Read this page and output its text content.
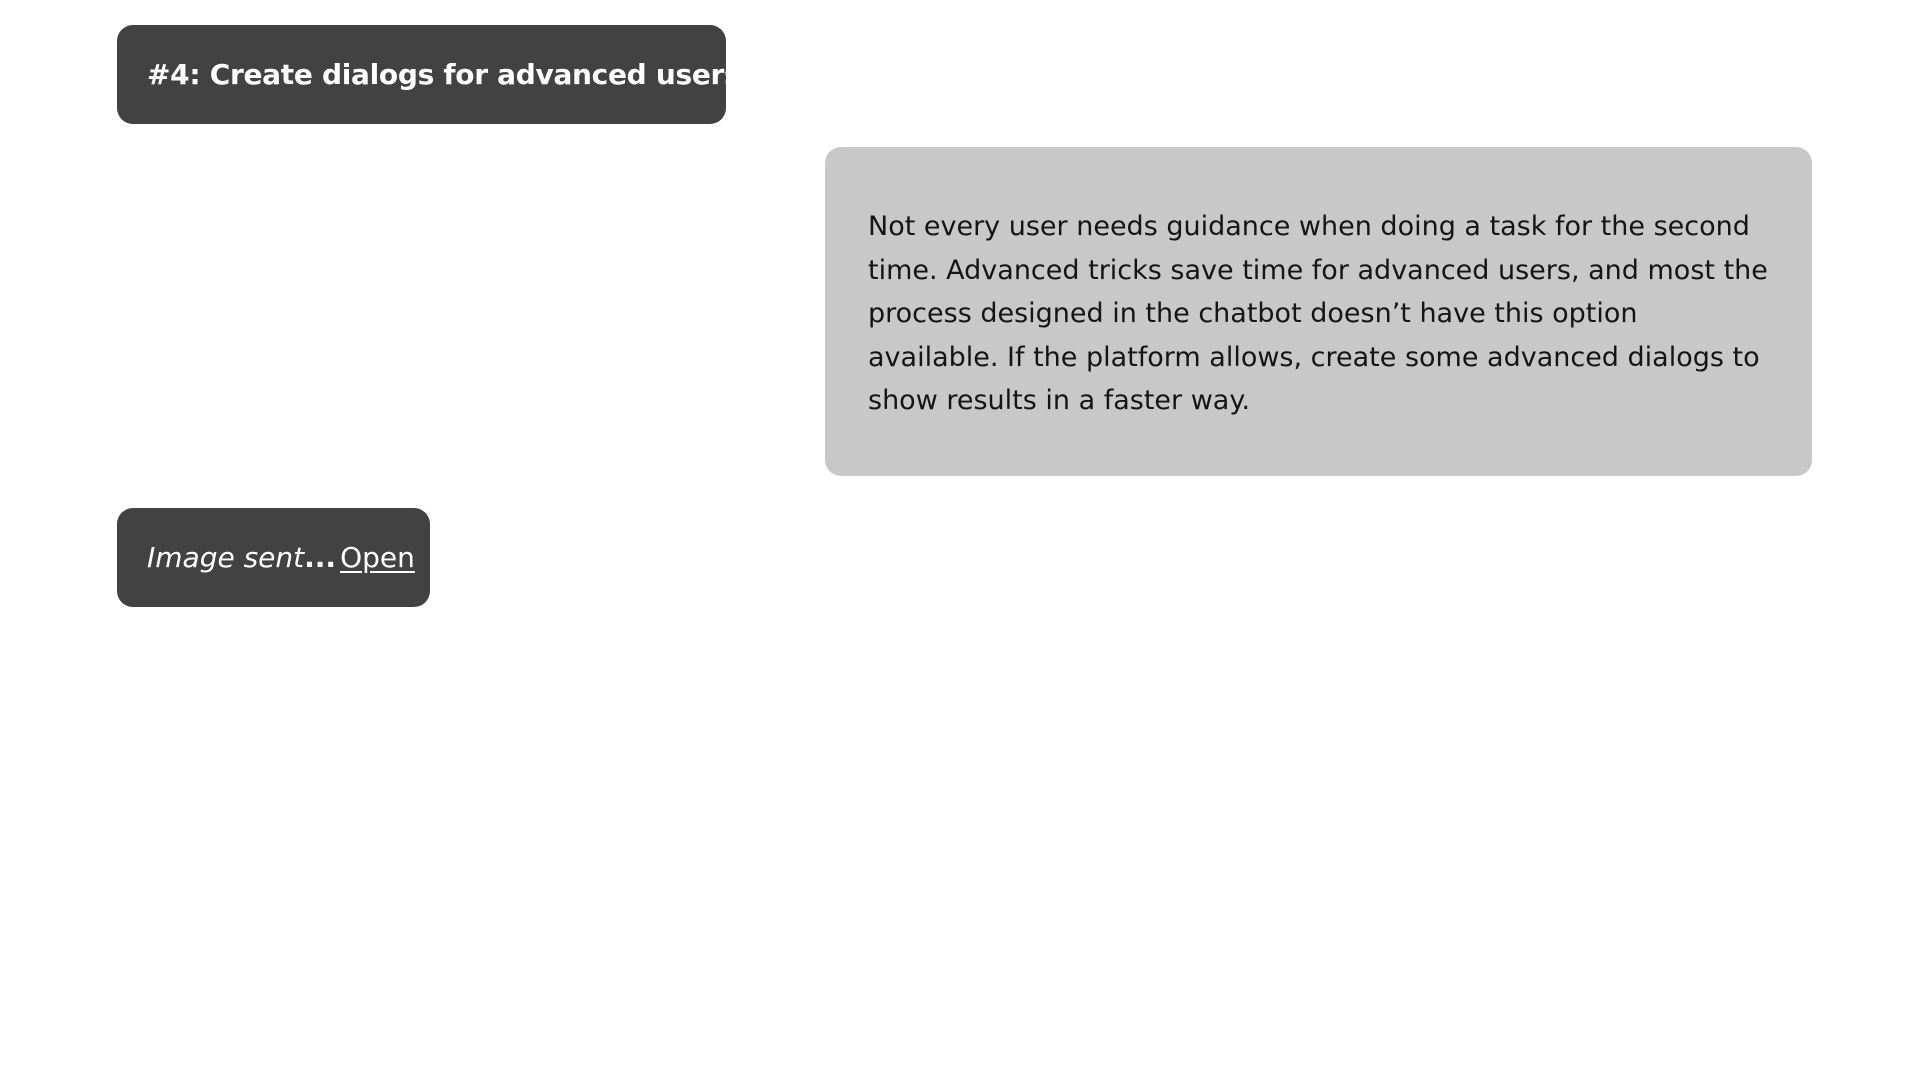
#4: Create dialogs for advanced users

Not every user needs guidance when doing a task for the second time. Advanced tricks save time for advanced users, and most the process designed in the chatbot doesn’t have this option available. If the platform allows, create some advanced dialogs to show results in a faster way.

Image sent ... Open
